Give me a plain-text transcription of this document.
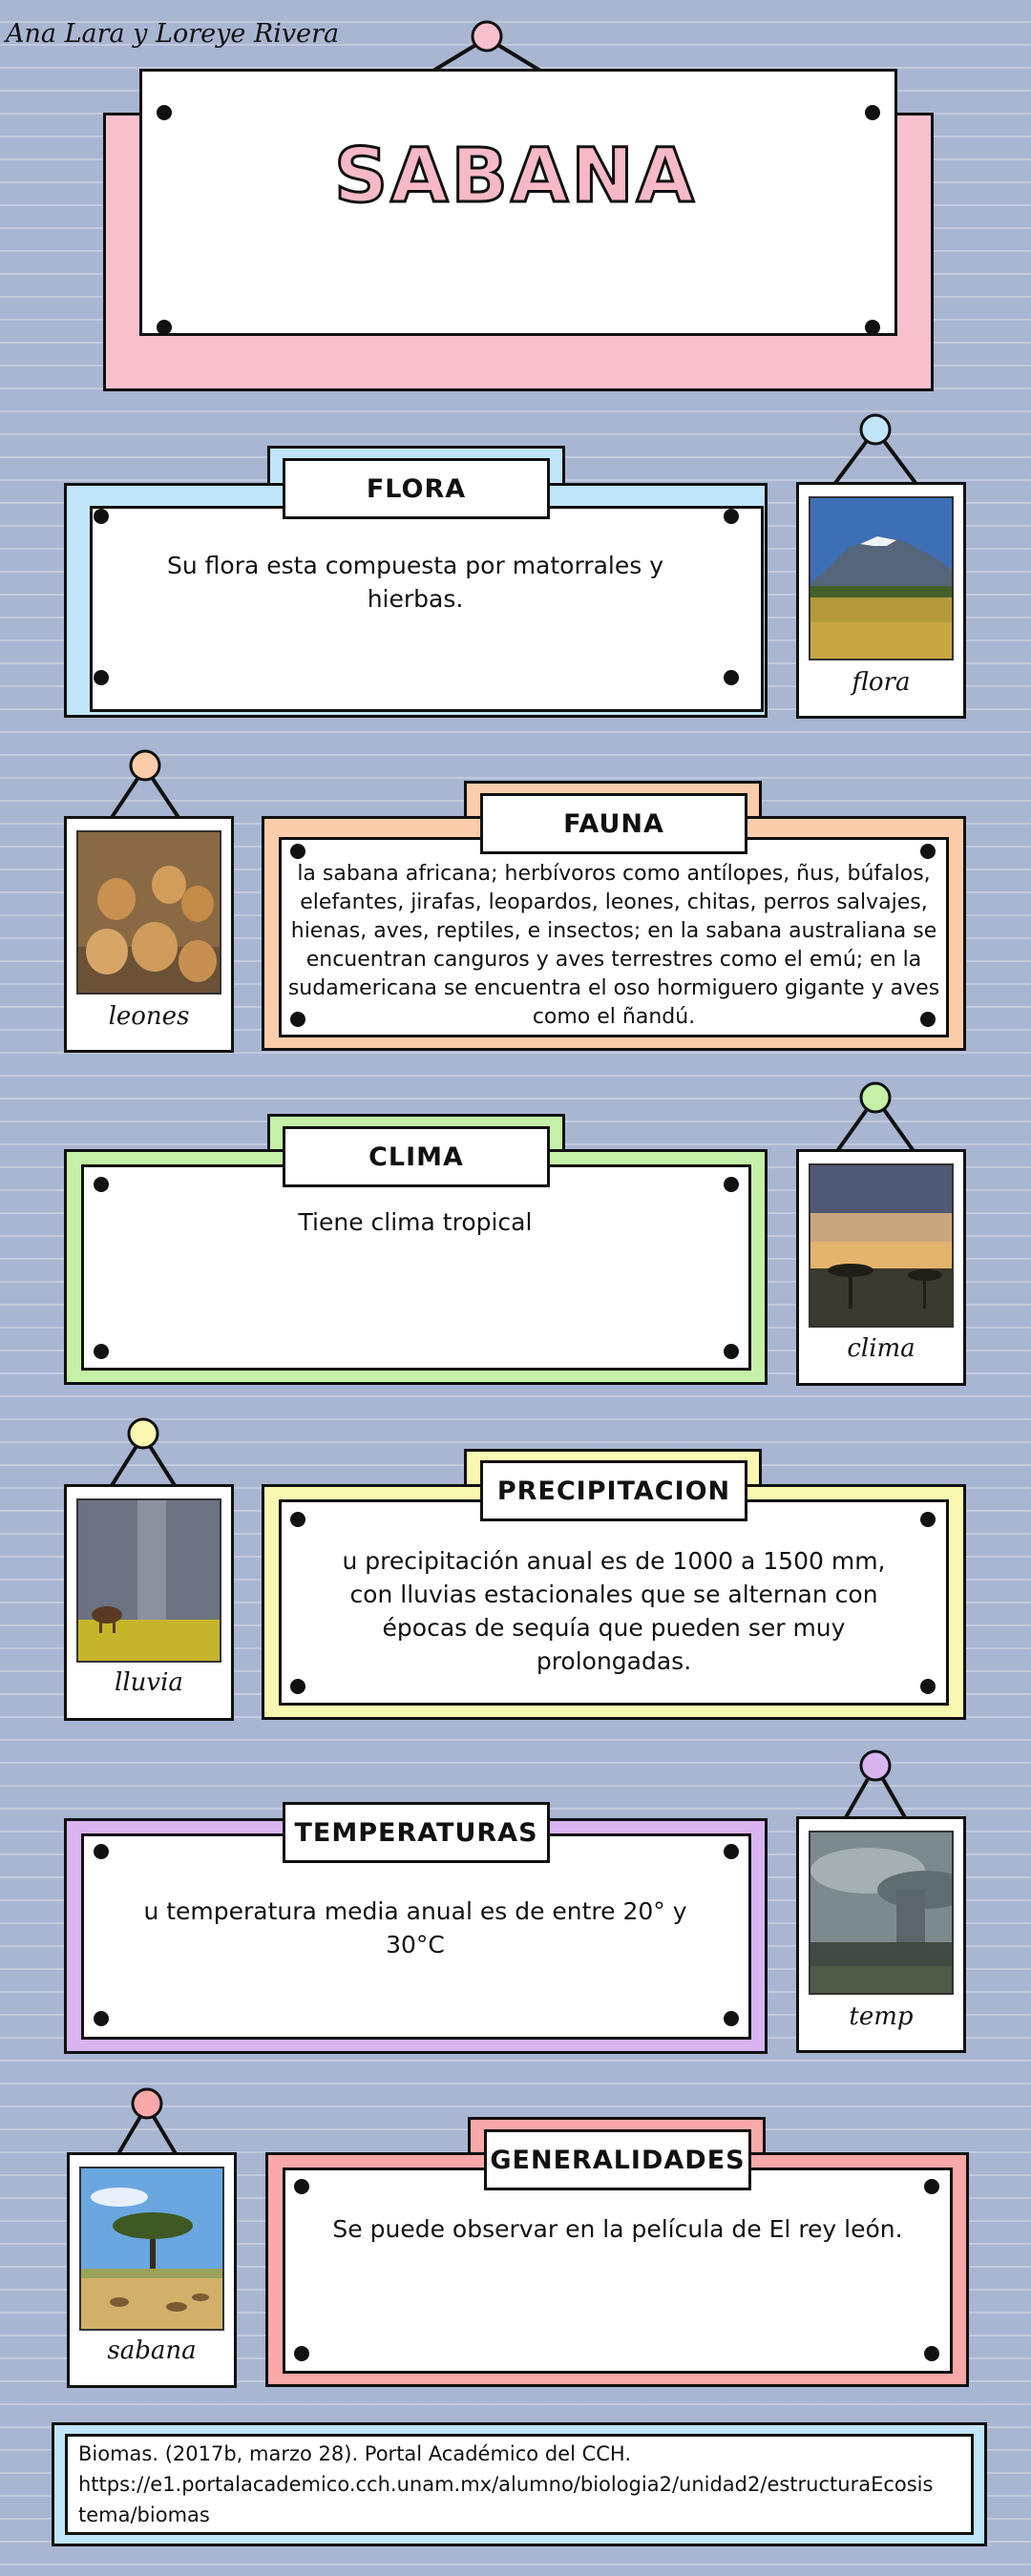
Ana Lara y Loreye Rivera
SABANA
FLORA
Su flora esta compuesta por matorrales y hierbas.
flora
leones
FAUNA
la sabana africana; herbívoros como antílopes, ñus, búfalos, elefantes, jirafas, leopardos, leones, chitas, perros salvajes, hienas, aves, reptiles, e insectos; en la sabana australiana se encuentran canguros y aves terrestres como el emú; en la sudamericana se encuentra el oso hormiguero gigante y aves como el ñandú.
CLIMA
Tiene clima tropical
clima
lluvia
PRECIPITACION
u precipitación anual es de 1000 a 1500 mm, con lluvias estacionales que se alternan con épocas de sequía que pueden ser muy prolongadas.
TEMPERATURAS
u temperatura media anual es de entre 20° y 30°C
temp
sabana
GENERALIDADES
Se puede observar en la película de El rey león.
Biomas. (2017b, marzo 28). Portal Académico del CCH.
https://e1.portalacademico.cch.unam.mx/alumno/biologia2/unidad2/estructuraEcosis
tema/biomas
